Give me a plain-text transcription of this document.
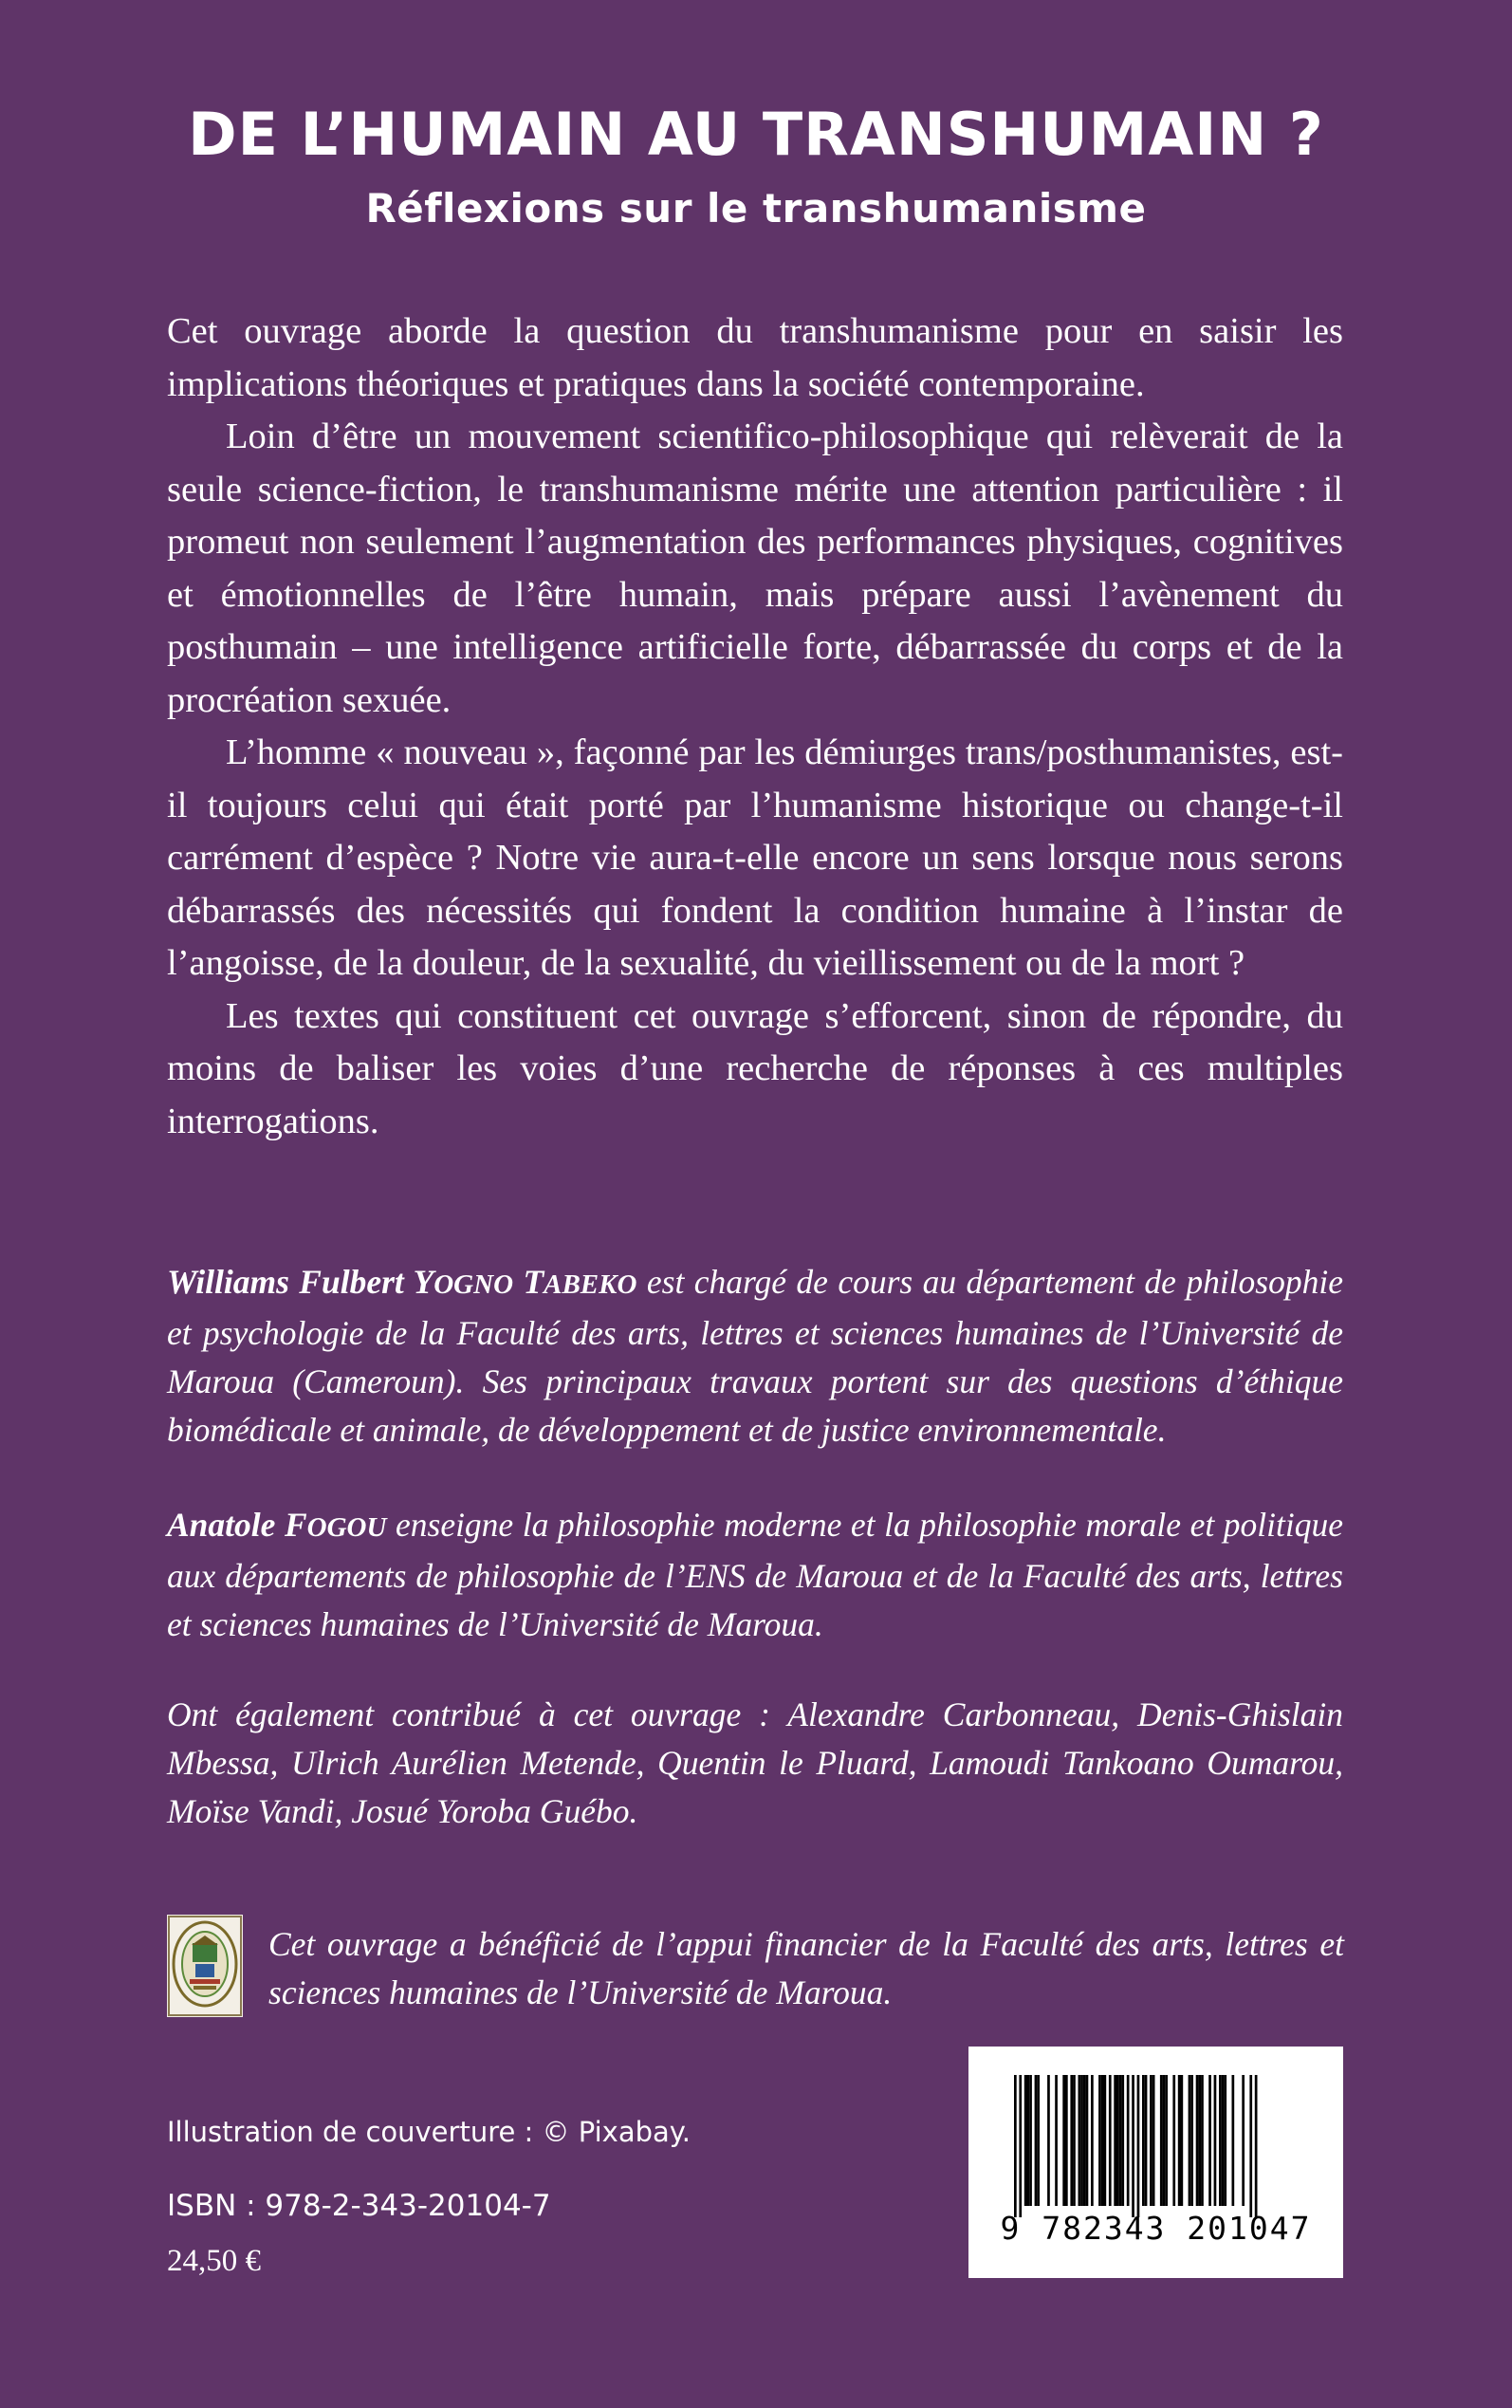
DE L’HUMAIN AU TRANSHUMAIN ?
Réflexions sur le transhumanisme

Cet ouvrage aborde la question du transhumanisme pour en saisir les implications théoriques et pratiques dans la société contemporaine.

Loin d’être un mouvement scientifico-philosophique qui relèverait de la seule science-fiction, le transhumanisme mérite une attention particulière : il promeut non seulement l’augmentation des performances physiques, cognitives et émotionnelles de l’être humain, mais prépare aussi l’avènement du posthumain – une intelligence artificielle forte, débarrassée du corps et de la procréation sexuée.

L’homme « nouveau », façonné par les démiurges trans/posthumanistes, est-il toujours celui qui était porté par l’humanisme historique ou change-t-il carrément d’espèce ? Notre vie aura-t-elle encore un sens lorsque nous serons débarrassés des nécessités qui fondent la condition humaine à l’instar de l’angoisse, de la douleur, de la sexualité, du vieillissement ou de la mort ?

Les textes qui constituent cet ouvrage s’efforcent, sinon de répondre, du moins de baliser les voies d’une recherche de réponses à ces multiples interrogations.

Williams Fulbert YOGNO TABEKO est chargé de cours au département de philosophie et psychologie de la Faculté des arts, lettres et sciences humaines de l’Université de Maroua (Cameroun). Ses principaux travaux portent sur des questions d’éthique biomédicale et animale, de développement et de justice environnementale.

Anatole FOGOU enseigne la philosophie moderne et la philosophie morale et politique aux départements de philosophie de l’ENS de Maroua et de la Faculté des arts, lettres et sciences humaines de l’Université de Maroua.

Ont également contribué à cet ouvrage : Alexandre Carbonneau, Denis-Ghislain Mbessa, Ulrich Aurélien Metende, Quentin le Pluard, Lamoudi Tankoano Oumarou, Moïse Vandi, Josué Yoroba Guébo.

Cet ouvrage a bénéficié de l’appui financier de la Faculté des arts, lettres et sciences humaines de l’Université de Maroua.

Illustration de couverture : © Pixabay.

ISBN : 978-2-343-20104-7

24,50 €

9 782343 201047
